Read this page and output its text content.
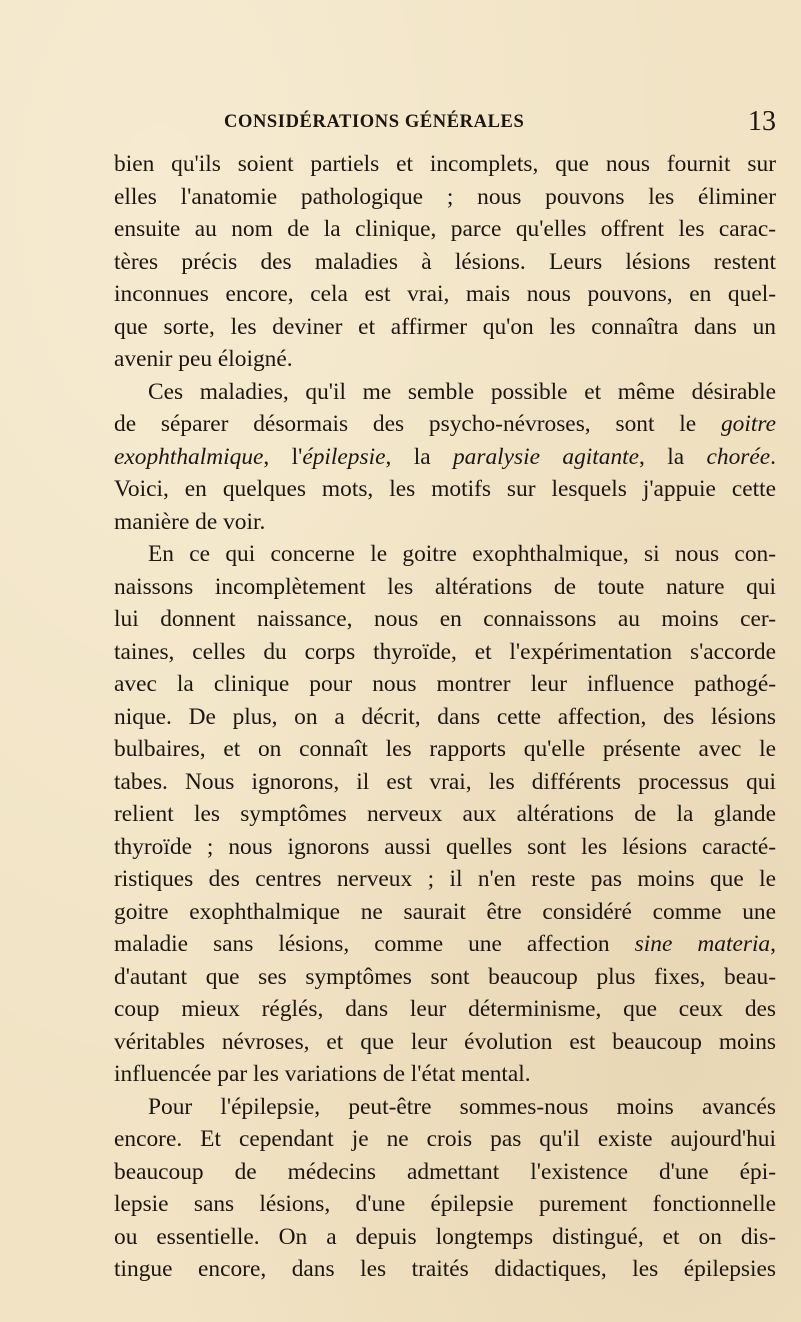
CONSIDÉRATIONS GÉNÉRALES	13
bien qu'ils soient partiels et incomplets, que nous fournit sur
elles l'anatomie pathologique ; nous pouvons les éliminer
ensuite au nom de la clinique, parce qu'elles offrent les carac-
tères précis des maladies à lésions. Leurs lésions restent
inconnues encore, cela est vrai, mais nous pouvons, en quel-
que sorte, les deviner et affirmer qu'on les connaîtra dans un
avenir peu éloigné.
Ces maladies, qu'il me semble possible et même désirable
de séparer désormais des psycho-névroses, sont le goitre
exophthalmique, l'épilepsie, la paralysie agitante, la chorée.
Voici, en quelques mots, les motifs sur lesquels j'appuie cette
manière de voir.
En ce qui concerne le goitre exophthalmique, si nous con-
naissons incomplètement les altérations de toute nature qui
lui donnent naissance, nous en connaissons au moins cer-
taines, celles du corps thyroïde, et l'expérimentation s'accorde
avec la clinique pour nous montrer leur influence pathogé-
nique. De plus, on a décrit, dans cette affection, des lésions
bulbaires, et on connaît les rapports qu'elle présente avec le
tabes. Nous ignorons, il est vrai, les différents processus qui
relient les symptômes nerveux aux altérations de la glande
thyroïde ; nous ignorons aussi quelles sont les lésions caracté-
ristiques des centres nerveux ; il n'en reste pas moins que le
goitre exophthalmique ne saurait être considéré comme une
maladie sans lésions, comme une affection sine materia,
d'autant que ses symptômes sont beaucoup plus fixes, beau-
coup mieux réglés, dans leur déterminisme, que ceux des
véritables névroses, et que leur évolution est beaucoup moins
influencée par les variations de l'état mental.
Pour l'épilepsie, peut-être sommes-nous moins avancés
encore. Et cependant je ne crois pas qu'il existe aujourd'hui
beaucoup de médecins admettant l'existence d'une épi-
lepsie sans lésions, d'une épilepsie purement fonctionnelle
ou essentielle. On a depuis longtemps distingué, et on dis-
tingue encore, dans les traités didactiques, les épilepsies
